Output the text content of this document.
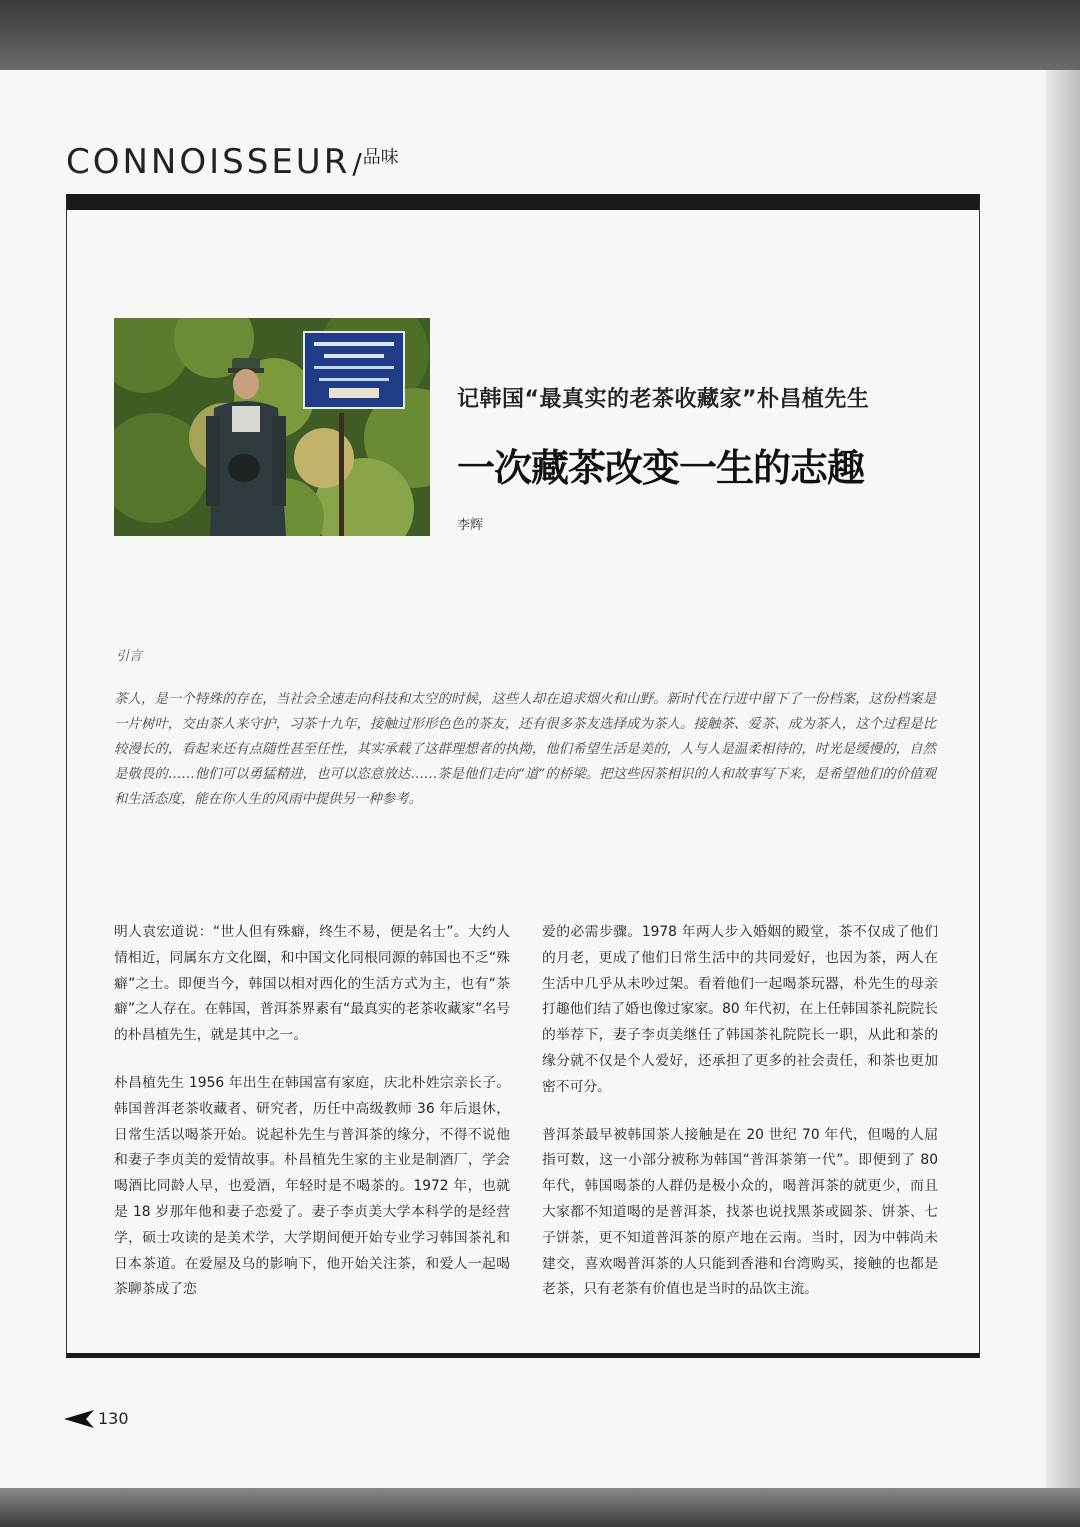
CONNOISSEUR/品味
记韩国“最真实的老茶收藏家”朴昌植先生
一次藏茶改变一生的志趣
李辉
引言

茶人，是一个特殊的存在，当社会全速走向科技和太空的时候，这些人却在追求烟火和山野。新时代在行进中留下了一份档案，这份档案是一片树叶，交由茶人来守护，习茶十九年，接触过形形色色的茶友，还有很多茶友选择成为茶人。接触茶、爱茶、成为茶人，这个过程是比较漫长的，看起来还有点随性甚至任性，其实承载了这群理想者的执拗，他们希望生活是美的，人与人是温柔相待的，时光是缓慢的，自然是敬畏的……他们可以勇猛精进，也可以恣意放达……茶是他们走向“道”的桥梁。把这些因茶相识的人和故事写下来，是希望他们的价值观和生活态度，能在你人生的风雨中提供另一种参考。

明人袁宏道说：“世人但有殊癖，终生不易，便是名士”。大约人情相近，同属东方文化圈，和中国文化同根同源的韩国也不乏“殊癖”之士。即便当今，韩国以相对西化的生活方式为主，也有“茶癖”之人存在。在韩国，普洱茶界素有“最真实的老茶收藏家”名号的朴昌植先生，就是其中之一。

朴昌植先生 1956 年出生在韩国富有家庭，庆北朴姓宗亲长子。韩国普洱老茶收藏者、研究者，历任中高级教师 36 年后退休，日常生活以喝茶开始。说起朴先生与普洱茶的缘分，不得不说他和妻子李贞美的爱情故事。朴昌植先生家的主业是制酒厂，学会喝酒比同龄人早，也爱酒，年轻时是不喝茶的。1972 年，也就是 18 岁那年他和妻子恋爱了。妻子李贞美大学本科学的是经营学，硕士攻读的是美术学，大学期间便开始专业学习韩国茶礼和日本茶道。在爱屋及乌的影响下，他开始关注茶，和爱人一起喝茶聊茶成了恋

爱的必需步骤。1978 年两人步入婚姻的殿堂，茶不仅成了他们的月老，更成了他们日常生活中的共同爱好，也因为茶，两人在生活中几乎从未吵过架。看着他们一起喝茶玩器，朴先生的母亲打趣他们结了婚也像过家家。80 年代初，在上任韩国茶礼院院长的举荐下，妻子李贞美继任了韩国茶礼院院长一职，从此和茶的缘分就不仅是个人爱好，还承担了更多的社会责任，和茶也更加密不可分。

普洱茶最早被韩国茶人接触是在 20 世纪 70 年代，但喝的人屈指可数，这一小部分被称为韩国“普洱茶第一代”。即便到了 80 年代，韩国喝茶的人群仍是极小众的，喝普洱茶的就更少，而且大家都不知道喝的是普洱茶，找茶也说找黑茶或圆茶、饼茶、七子饼茶，更不知道普洱茶的原产地在云南。当时，因为中韩尚未建交，喜欢喝普洱茶的人只能到香港和台湾购买，接触的也都是老茶，只有老茶有价值也是当时的品饮主流。

130
